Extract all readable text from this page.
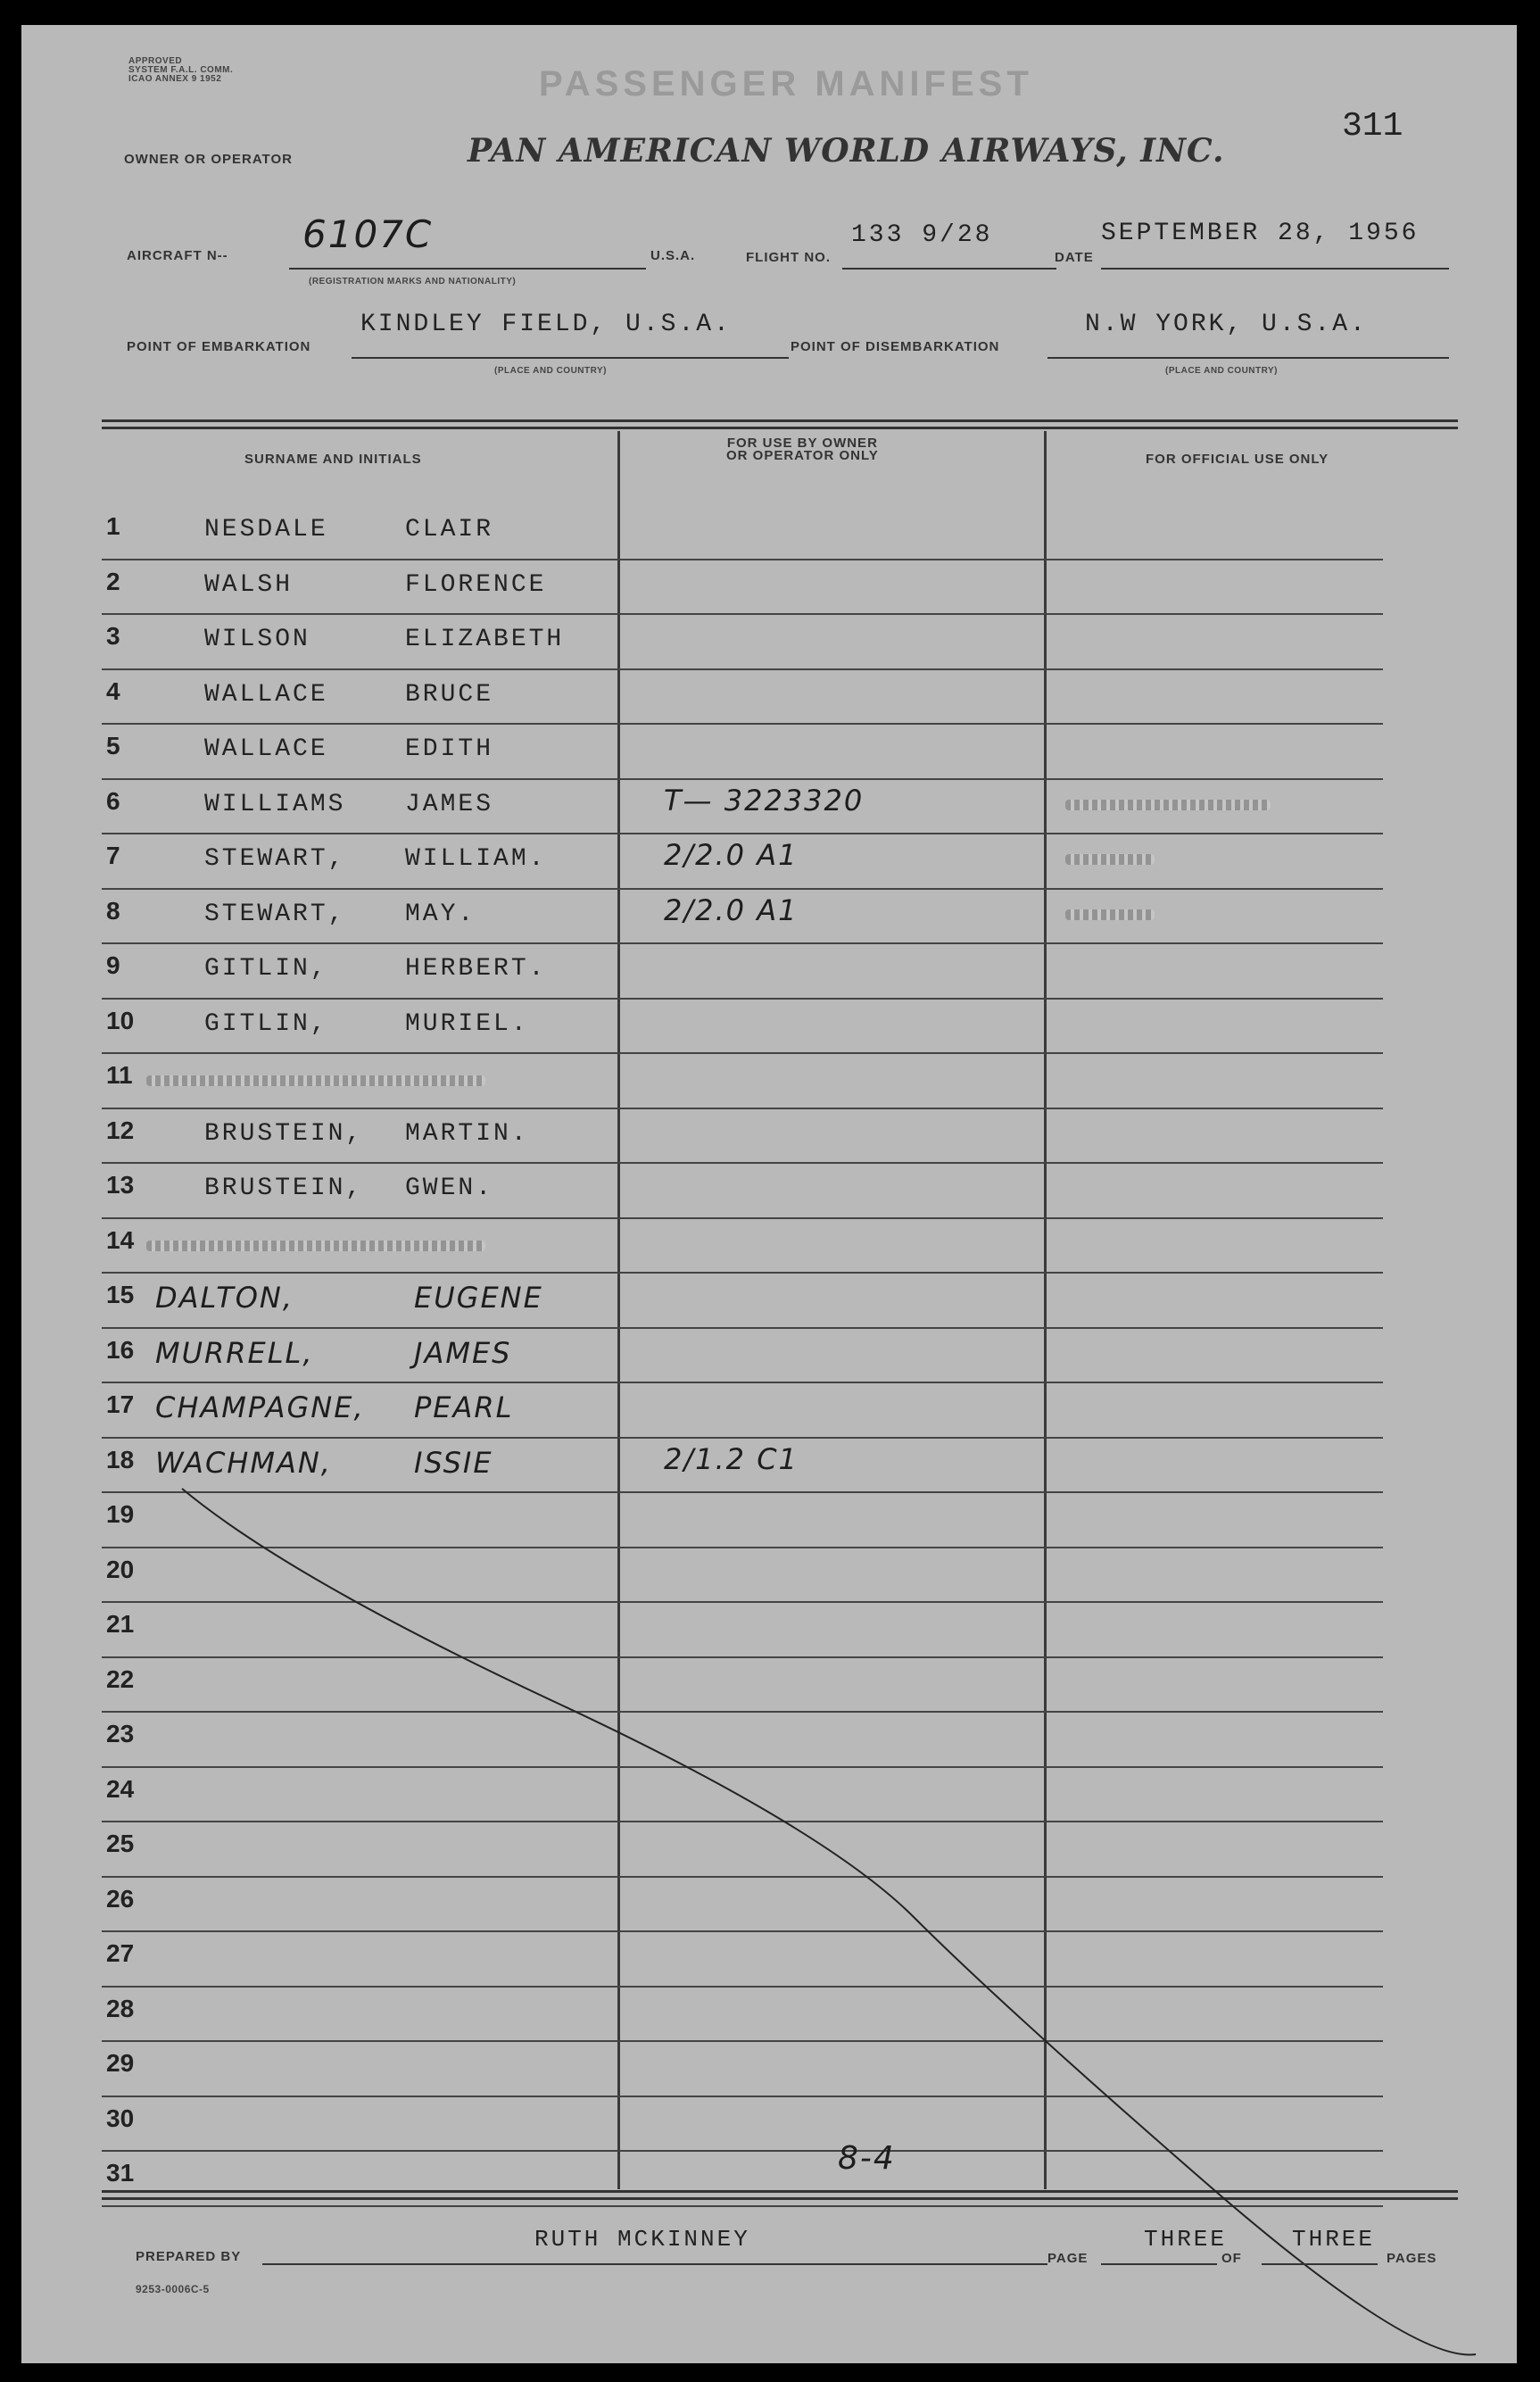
APPROVED
SYSTEM F.A.L. COMM.
ICAO ANNEX 9 1952	PASSENGER MANIFEST
311
OWNER OR OPERATOR	PAN AMERICAN WORLD AIRWAYS, INC.
AIRCRAFT N-- 6107C
(REGISTRATION MARKS AND NATIONALITY)
U.S.A.	FLIGHT NO.
133 9/28
DATE
SEPTEMBER 28, 1956
POINT OF EMBARKATION
KINDLEY FIELD, U.S.A.
(PLACE AND COUNTRY)
POINT OF DISEMBARKATION
N.W YORK, U.S.A.
(PLACE AND COUNTRY)
SURNAME AND INITIALS
FOR USE BY OWNER
OR OPERATOR ONLY	FOR OFFICIAL USE ONLY
1	NESDALE	CLAIR
2	WALSH	FLORENCE
3	WILSON	ELIZABETH
4	WALLACE	BRUCE
5	WALLACE	EDITH
6	WILLIAMS JAMES	T— 3223320
7	STEWART, WILLIAM.	2/2.0 A1
8	STEWART, MAY.	2/2.0 A1
9	GITLIN,	HERBERT.
10	GITLIN,	MURIEL.
11
12	BRUSTEIN, MARTIN.
13	BRUSTEIN, GWEN.
14
15 DALTON,	EUGENE
16 MURRELL,	JAMES
17 CHAMPAGNE, PEARL
18 WACHMAN,	ISSIE	2/1.2 C1
19
20
21
22
23
24
25
26
27
28
29
30
31	8-4
PREPARED BY
RUTH MCKINNEY
PAGE
THREE
OF
THREE
PAGES
9253-0006C-5
